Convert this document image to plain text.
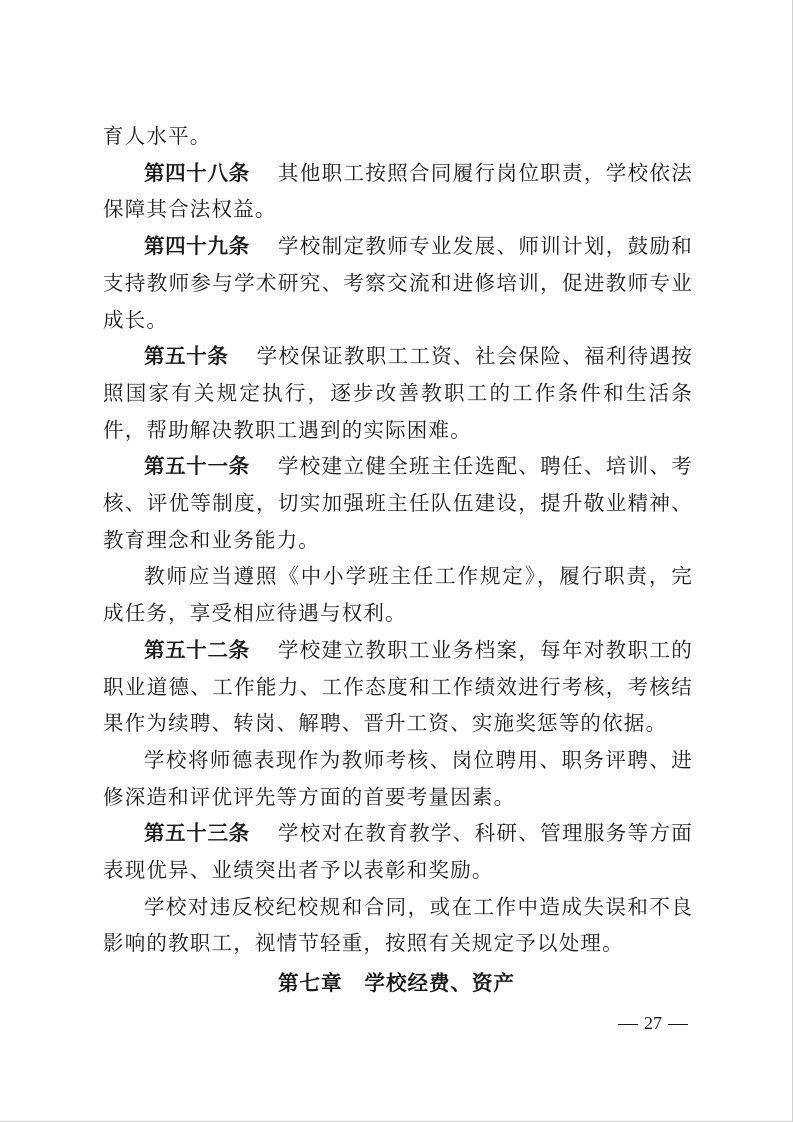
育人水平。

第四十八条 其他职工按照合同履行岗位职责，学校依法保障其合法权益。

第四十九条 学校制定教师专业发展、师训计划，鼓励和支持教师参与学术研究、考察交流和进修培训，促进教师专业成长。

第五十条 学校保证教职工工资、社会保险、福利待遇按照国家有关规定执行，逐步改善教职工的工作条件和生活条件，帮助解决教职工遇到的实际困难。

第五十一条 学校建立健全班主任选配、聘任、培训、考核、评优等制度，切实加强班主任队伍建设，提升敬业精神、教育理念和业务能力。

教师应当遵照《中小学班主任工作规定》，履行职责，完成任务，享受相应待遇与权利。

第五十二条 学校建立教职工业务档案，每年对教职工的职业道德、工作能力、工作态度和工作绩效进行考核，考核结果作为续聘、转岗、解聘、晋升工资、实施奖惩等的依据。

学校将师德表现作为教师考核、岗位聘用、职务评聘、进修深造和评优评先等方面的首要考量因素。

第五十三条 学校对在教育教学、科研、管理服务等方面表现优异、业绩突出者予以表彰和奖励。

学校对违反校纪校规和合同，或在工作中造成失误和不良影响的教职工，视情节轻重，按照有关规定予以处理。

第七章 学校经费、资产
27
